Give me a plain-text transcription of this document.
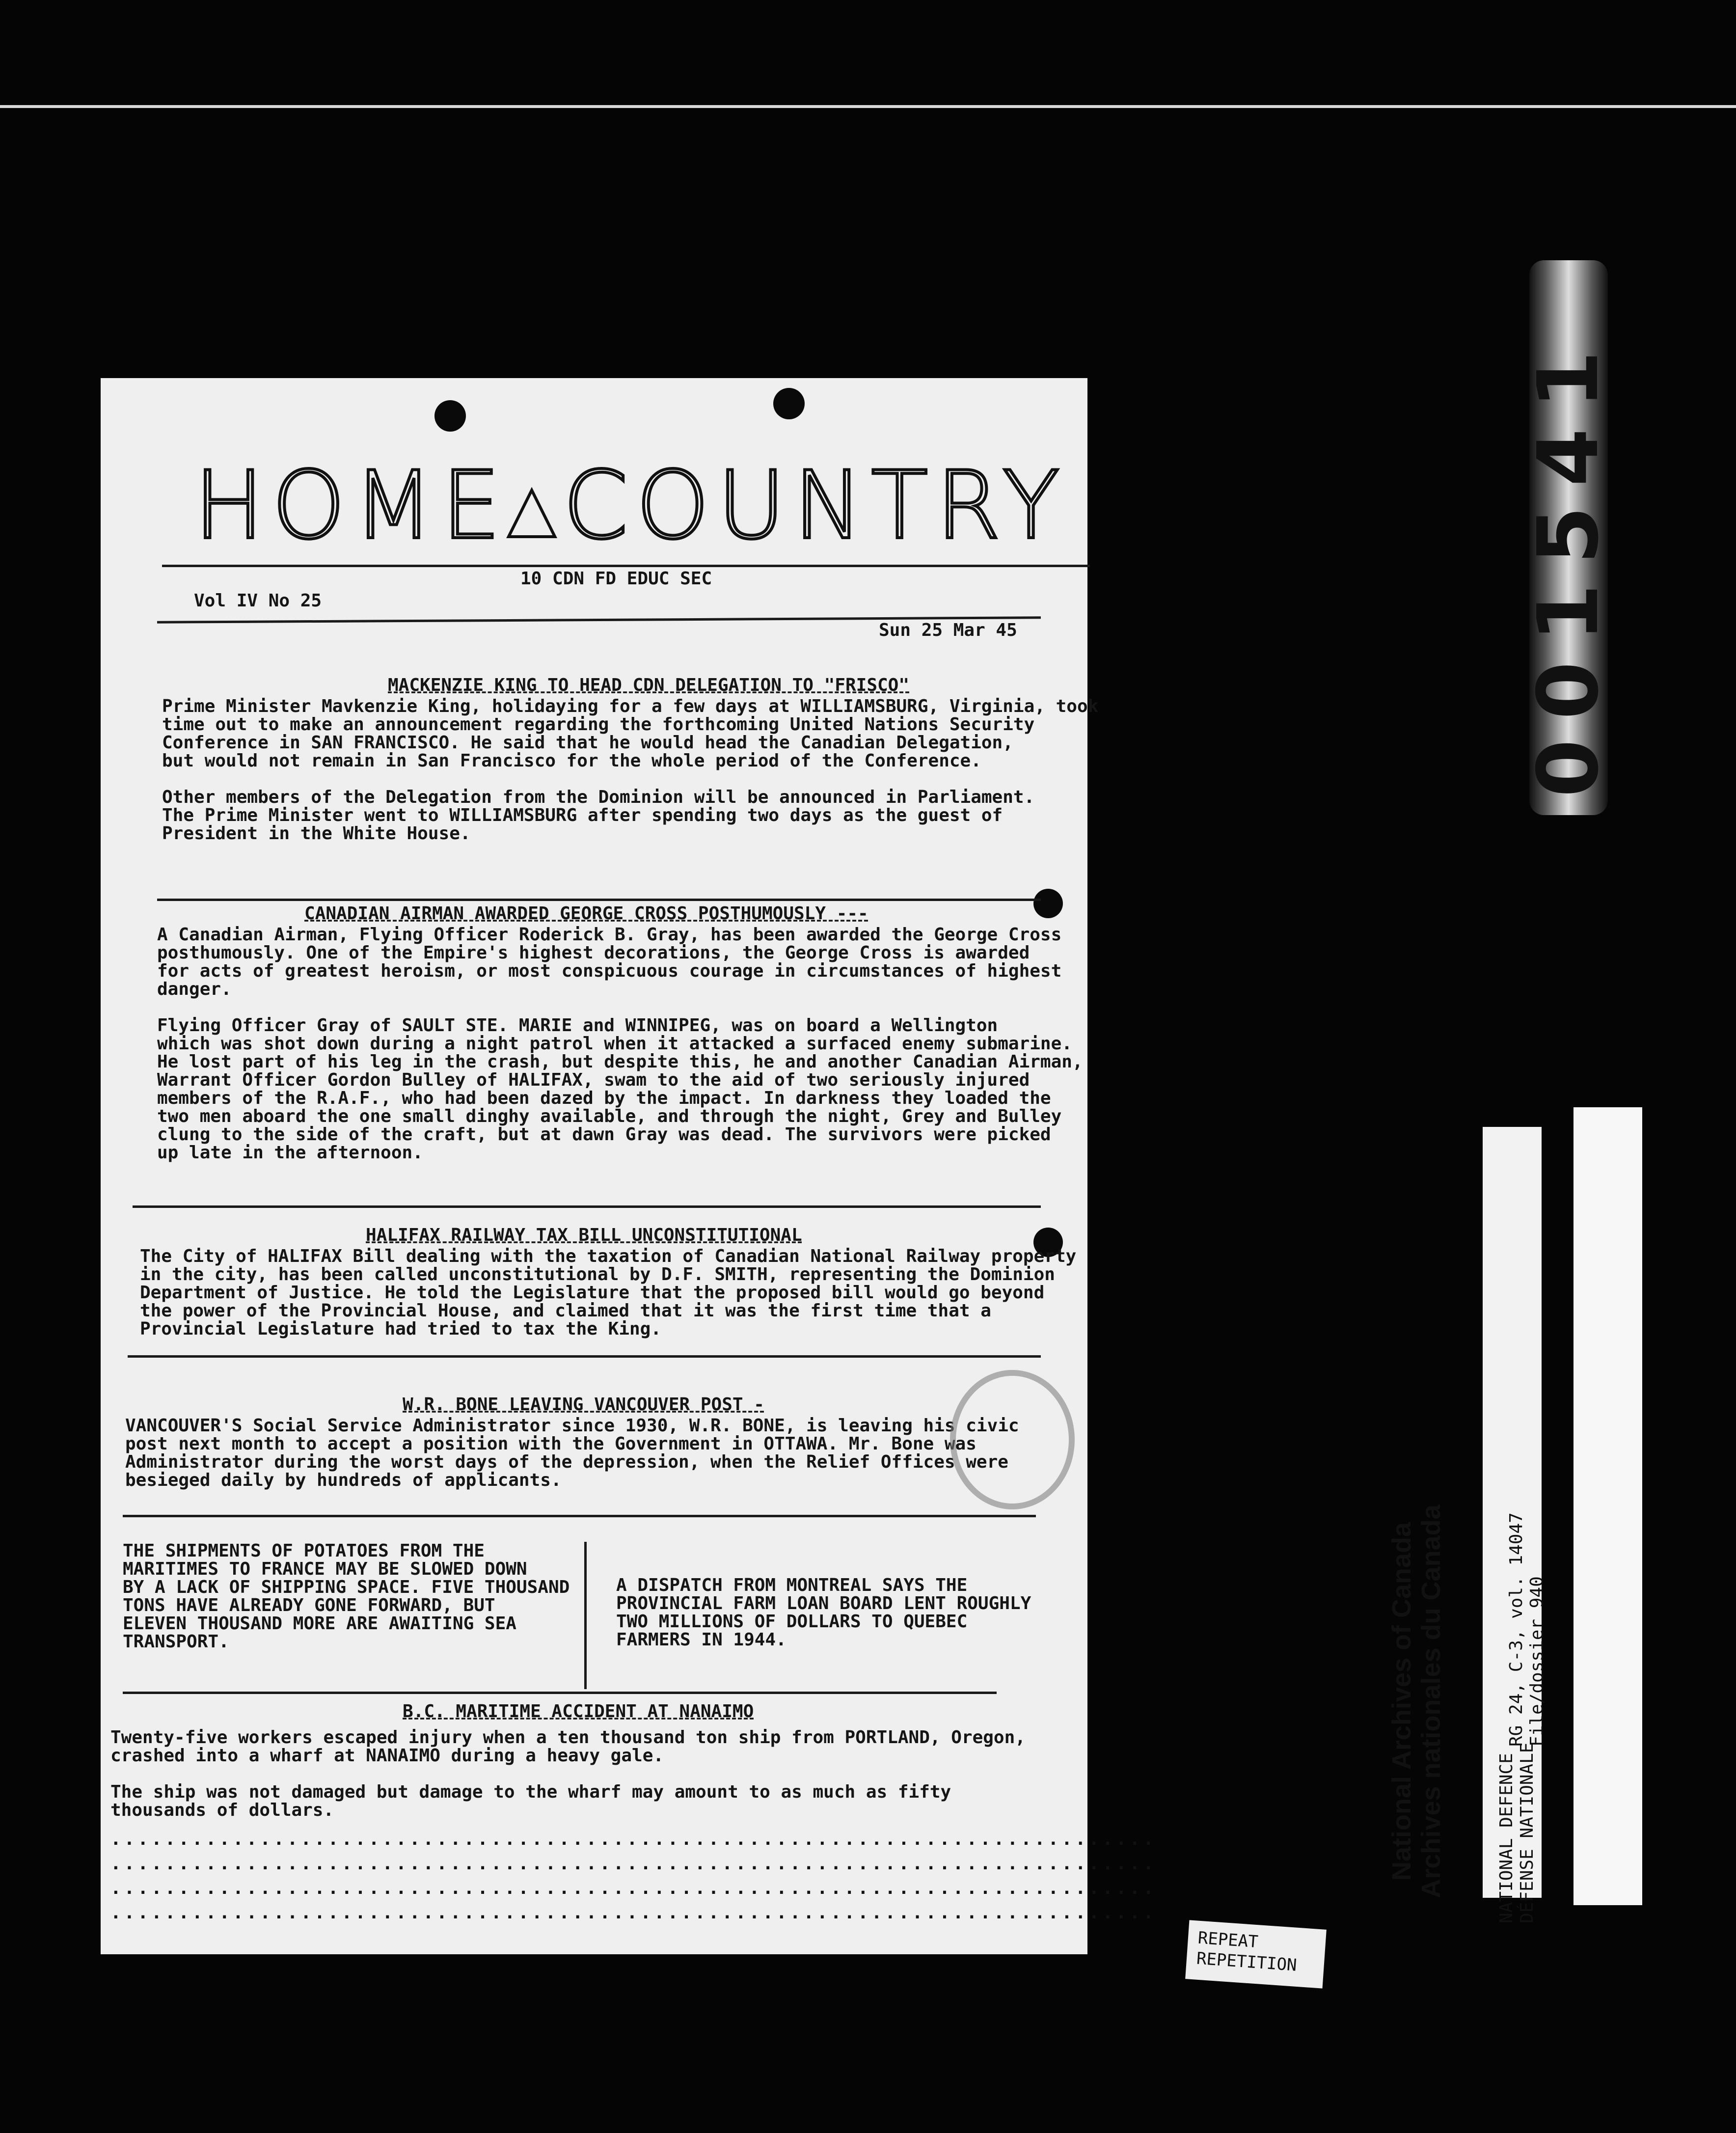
HOME▴COUNTRY
10 CDN FD EDUC SEC
Vol IV No 25
Sun 25 Mar 45
MACKENZIE KING TO HEAD CDN DELEGATION TO "FRISCO"
Prime Minister Mavkenzie King, holidaying for a few days at WILLIAMSBURG, Virginia, took
time out to make an announcement regarding the forthcoming United Nations Security
Conference in SAN FRANCISCO. He said that he would head the Canadian Delegation,
but would not remain in San Francisco for the whole period of the Conference.
Other members of the Delegation from the Dominion will be announced in Parliament.
The Prime Minister went to WILLIAMSBURG after spending two days as the guest of
President in the White House.
CANADIAN AIRMAN AWARDED GEORGE CROSS POSTHUMOUSLY ---
A Canadian Airman, Flying Officer Roderick B. Gray, has been awarded the George Cross
posthumously. One of the Empire's highest decorations, the George Cross is awarded
for acts of greatest heroism, or most conspicuous courage in circumstances of highest
danger.
Flying Officer Gray of SAULT STE. MARIE and WINNIPEG, was on board a Wellington
which was shot down during a night patrol when it attacked a surfaced enemy submarine.
He lost part of his leg in the crash, but despite this, he and another Canadian Airman,
Warrant Officer Gordon Bulley of HALIFAX, swam to the aid of two seriously injured
members of the R.A.F., who had been dazed by the impact. In darkness they loaded the
two men aboard the one small dinghy available, and through the night, Grey and Bulley
clung to the side of the craft, but at dawn Gray was dead. The survivors were picked
up late in the afternoon.
HALIFAX RAILWAY TAX BILL UNCONSTITUTIONAL
The City of HALIFAX Bill dealing with the taxation of Canadian National Railway property
in the city, has been called unconstitutional by D.F. SMITH, representing the Dominion
Department of Justice. He told the Legislature that the proposed bill would go beyond
the power of the Provincial House, and claimed that it was the first time that a
Provincial Legislature had tried to tax the King.
W.R. BONE LEAVING VANCOUVER POST -
VANCOUVER'S Social Service Administrator since 1930, W.R. BONE, is leaving his civic
post next month to accept a position with the Government in OTTAWA. Mr. Bone was
Administrator during the worst days of the depression, when the Relief Offices were
besieged daily by hundreds of applicants.
THE SHIPMENTS OF POTATOES FROM THE
MARITIMES TO FRANCE MAY BE SLOWED DOWN
BY A LACK OF SHIPPING SPACE. FIVE THOUSAND
TONS HAVE ALREADY GONE FORWARD, BUT
ELEVEN THOUSAND MORE ARE AWAITING SEA
TRANSPORT.
A DISPATCH FROM MONTREAL SAYS THE
PROVINCIAL FARM LOAN BOARD LENT ROUGHLY
TWO MILLIONS OF DOLLARS TO QUEBEC
FARMERS IN 1944.
B.C. MARITIME ACCIDENT AT NANAIMO
Twenty-five workers escaped injury when a ten thousand ton ship from PORTLAND, Oregon,
crashed into a wharf at NANAIMO during a heavy gale.
The ship was not damaged but damage to the wharf may amount to as much as fifty
thousands of dollars.
.............................................................................
.............................................................................
.............................................................................
.............................................................................
001541
RG 24, C-3, vol. 14047 File/dossier 940
NATIONAL DEFENCE DÉFENSE NATIONALE
National Archives of Canada Archives nationales du Canada
REPEAT
REPETITION
